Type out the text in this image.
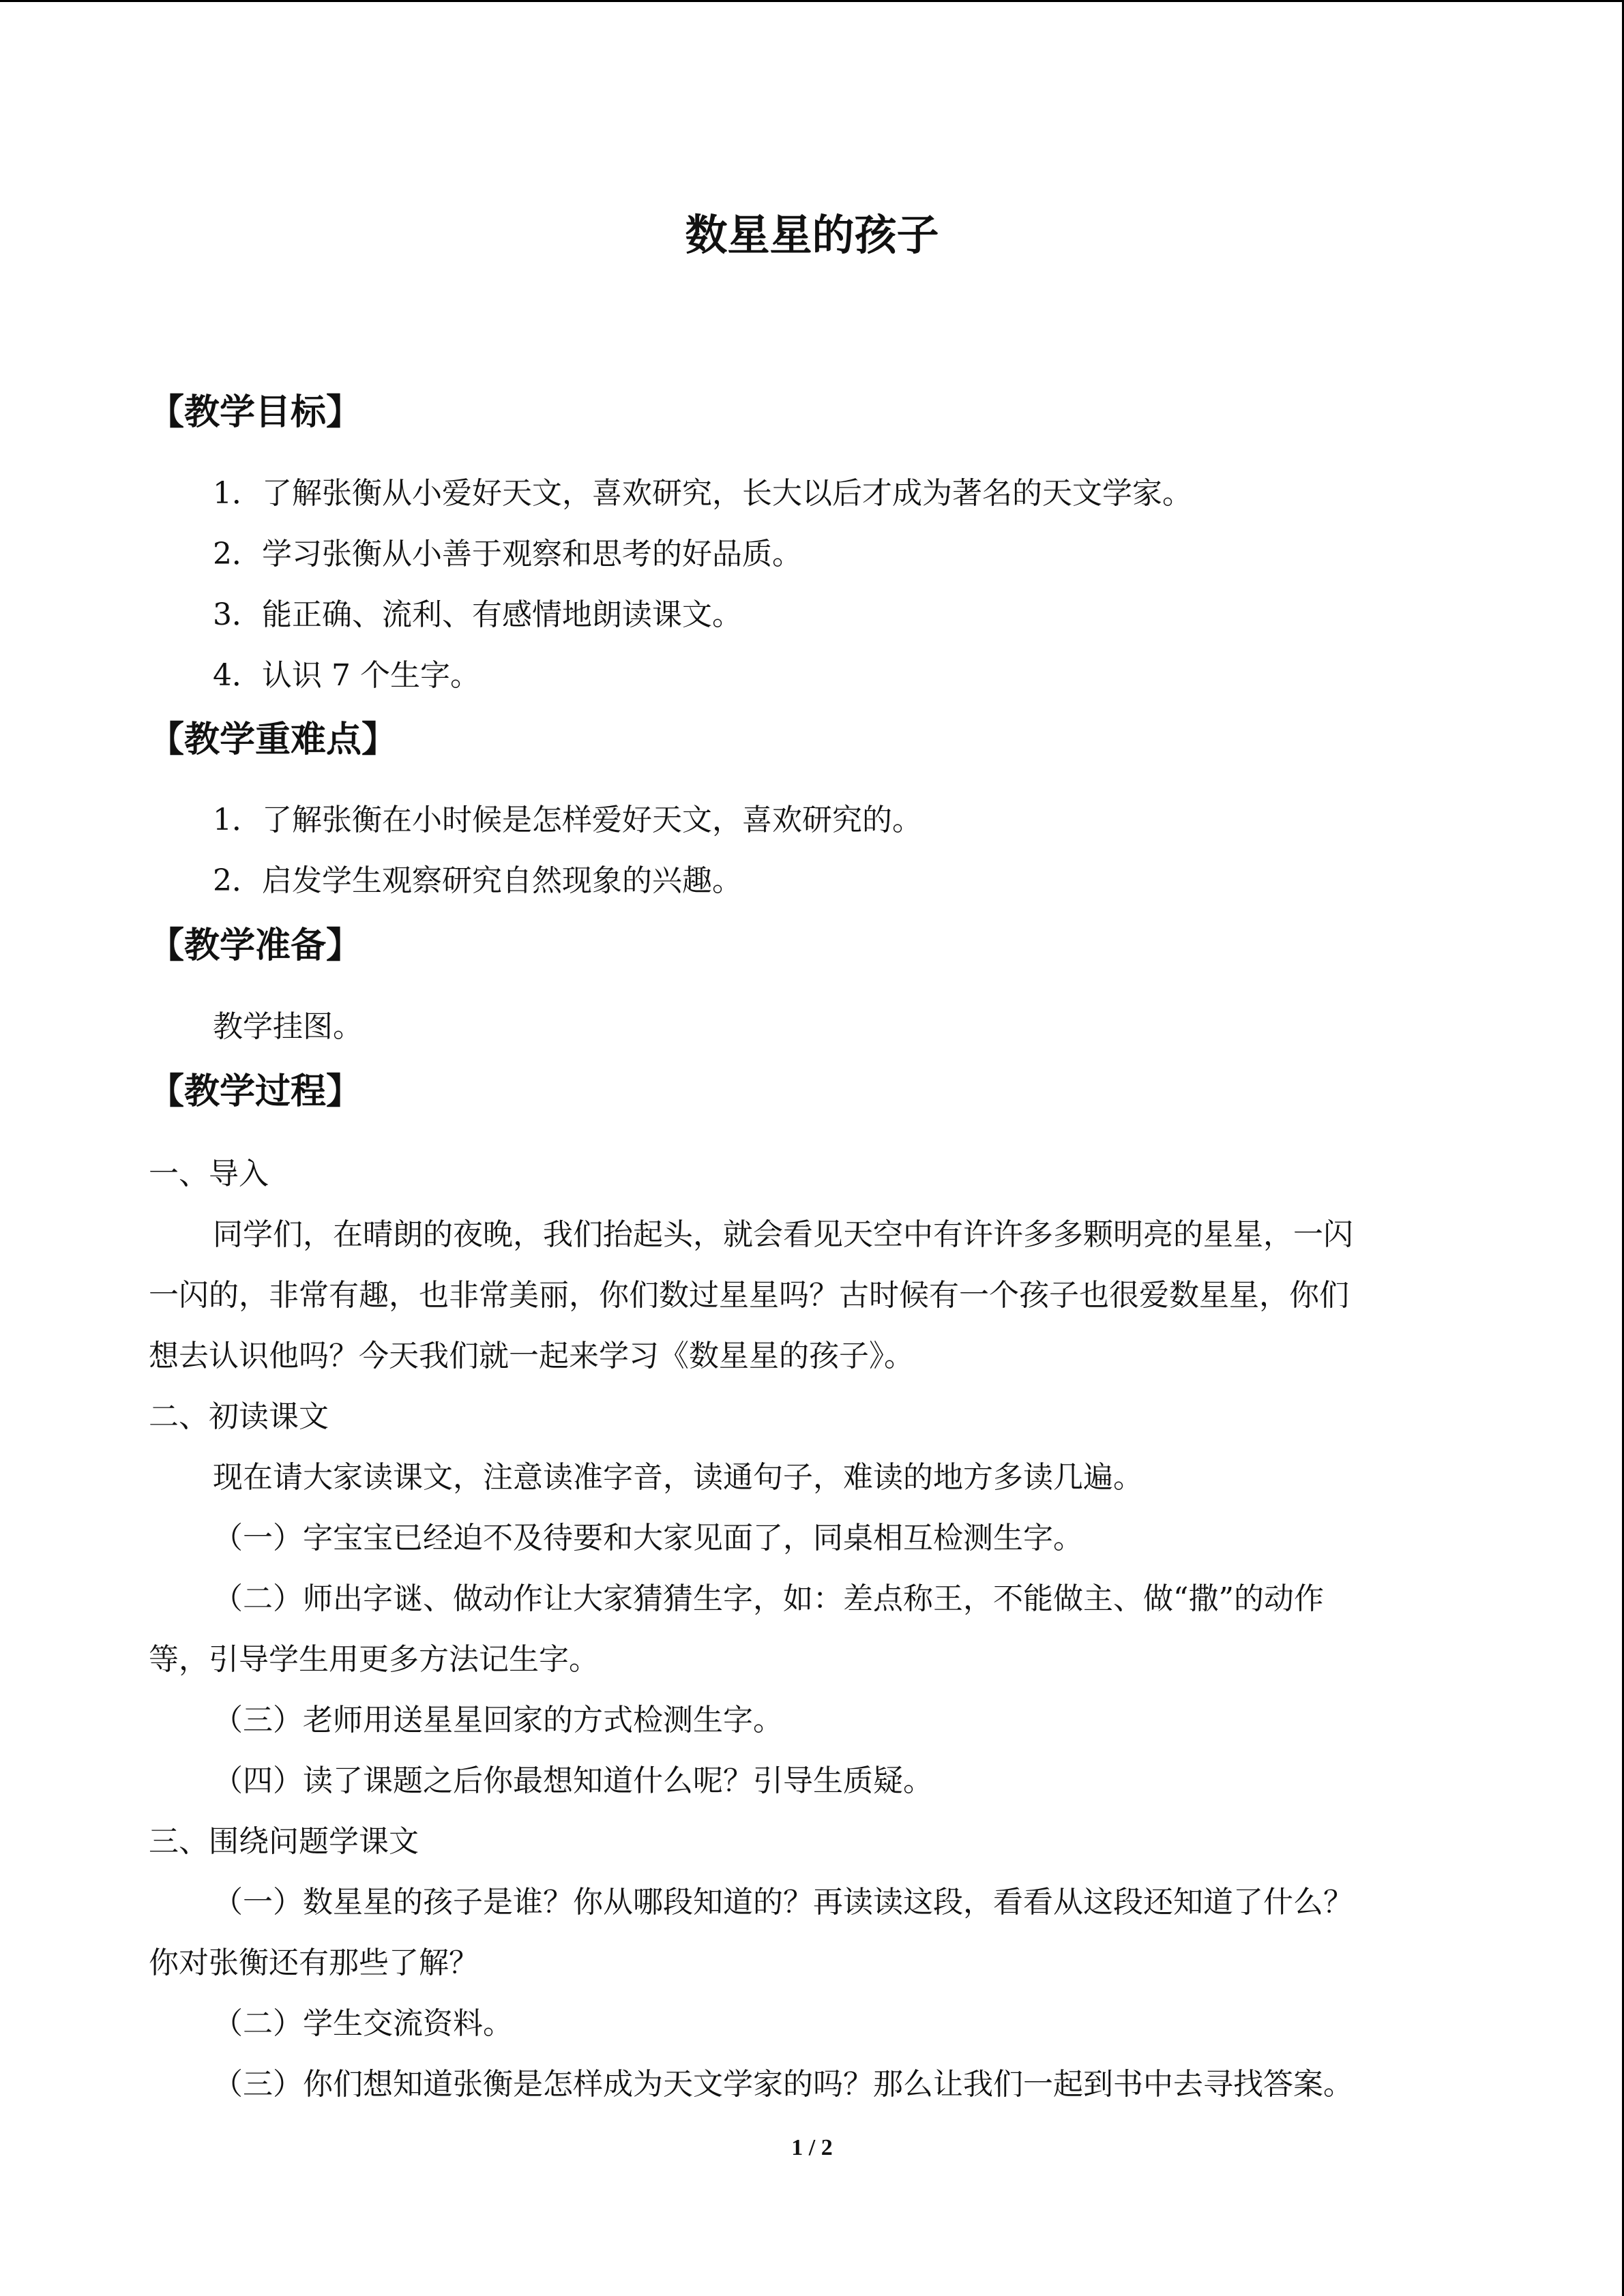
数星星的孩子
【教学目标】

1．了解张衡从小爱好天文，喜欢研究，长大以后才成为著名的天文学家。

2．学习张衡从小善于观察和思考的好品质。

3．能正确、流利、有感情地朗读课文。

4．认识 7 个生字。

【教学重难点】

1．了解张衡在小时候是怎样爱好天文，喜欢研究的。

2．启发学生观察研究自然现象的兴趣。

【教学准备】

教学挂图。

【教学过程】

一、导入

同学们，在晴朗的夜晚，我们抬起头，就会看见天空中有许许多多颗明亮的星星，一闪

一闪的，非常有趣，也非常美丽，你们数过星星吗？古时候有一个孩子也很爱数星星，你们

想去认识他吗？今天我们就一起来学习《数星星的孩子》。

二、初读课文

现在请大家读课文，注意读准字音，读通句子，难读的地方多读几遍。

（一）字宝宝已经迫不及待要和大家见面了，同桌相互检测生字。

（二）师出字谜、做动作让大家猜猜生字，如：差点称王，不能做主、做“撒”的动作

等，引导学生用更多方法记生字。

（三）老师用送星星回家的方式检测生字。

（四）读了课题之后你最想知道什么呢？引导生质疑。

三、围绕问题学课文

（一）数星星的孩子是谁？你从哪段知道的？再读读这段，看看从这段还知道了什么？

你对张衡还有那些了解？

（二）学生交流资料。

（三）你们想知道张衡是怎样成为天文学家的吗？那么让我们一起到书中去寻找答案。

1 / 2
